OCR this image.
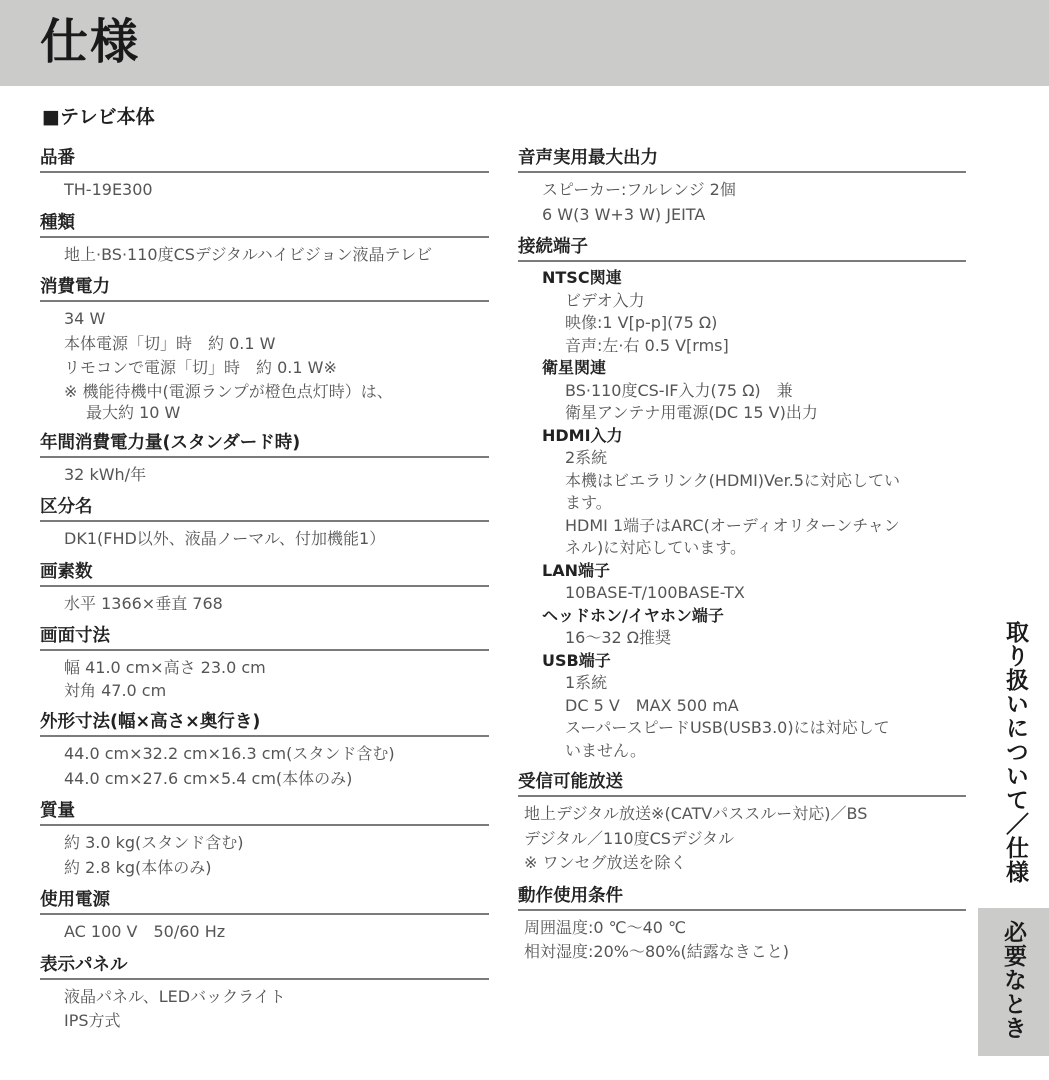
仕様
■テレビ本体
品番
TH-19E300
種類
地上·BS·110度CSデジタルハイビジョン液晶テレビ
消費電力
34 W
本体電源「切」時　約 0.1 W
リモコンで電源「切」時　約 0.1 W※
※ 機能待機中(電源ランプが橙色点灯時）は、
最大約 10 W
年間消費電力量(スタンダード時)
32 kWh/年
区分名
DK1(FHD以外、液晶ノーマル、付加機能1）
画素数
水平 1366×垂直 768
画面寸法
幅 41.0 cm×高さ 23.0 cm
対角 47.0 cm
外形寸法(幅×高さ×奥行き)
44.0 cm×32.2 cm×16.3 cm(スタンド含む)
44.0 cm×27.6 cm×5.4 cm(本体のみ)
質量
約 3.0 kg(スタンド含む)
約 2.8 kg(本体のみ)
使用電源
AC 100 V　50/60 Hz
表示パネル
液晶パネル、LEDバックライト
IPS方式
音声実用最大出力
スピーカー:フルレンジ 2個
6 W(3 W+3 W) JEITA
接続端子
NTSC関連
ビデオ入力
映像:1 V[p-p](75 Ω)
音声:左·右 0.5 V[rms]
衛星関連
BS·110度CS-IF入力(75 Ω)　兼
衛星アンテナ用電源(DC 15 V)出力
HDMI入力
2系統
本機はビエラリンク(HDMI)Ver.5に対応してい
ます。
HDMI 1端子はARC(オーディオリターンチャン
ネル)に対応しています。
LAN端子
10BASE-T/100BASE-TX
ヘッドホン/イヤホン端子
16～32 Ω推奨
USB端子
1系統
DC 5 V　MAX 500 mA
スーパースピードUSB(USB3.0)には対応して
いません。
受信可能放送
地上デジタル放送※(CATVパススルー対応)／BS
デジタル／110度CSデジタル
※ ワンセグ放送を除く
動作使用条件
周囲温度:0 ℃～40 ℃
相対湿度:20%～80%(結露なきこと)
取り扱いについて／仕様
必要なとき
